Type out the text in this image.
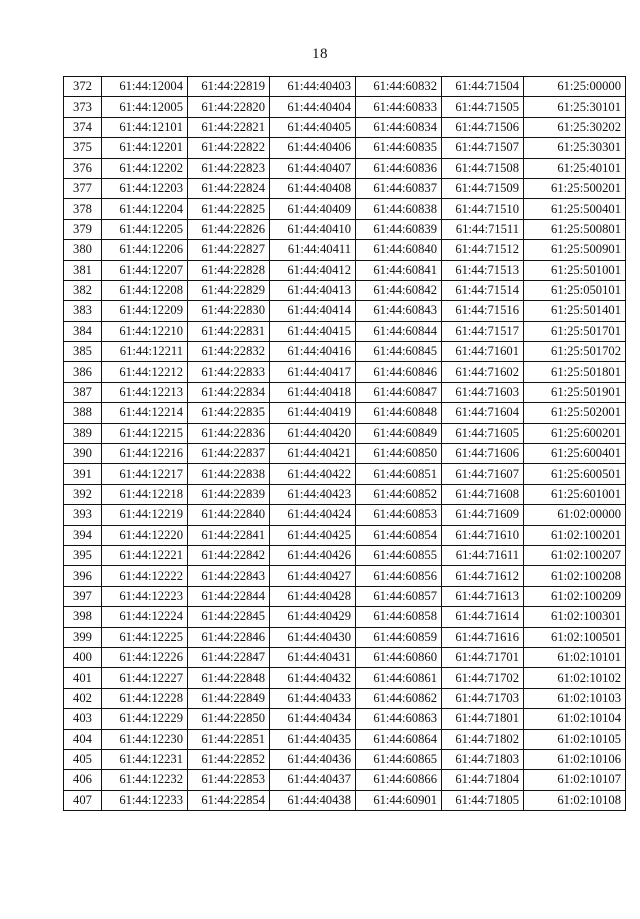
18
372	61:44:12004	61:44:22819	61:44:40403	61:44:60832	61:44:71504	61:25:00000
373	61:44:12005	61:44:22820	61:44:40404	61:44:60833	61:44:71505	61:25:30101
374	61:44:12101	61:44:22821	61:44:40405	61:44:60834	61:44:71506	61:25:30202
375	61:44:12201	61:44:22822	61:44:40406	61:44:60835	61:44:71507	61:25:30301
376	61:44:12202	61:44:22823	61:44:40407	61:44:60836	61:44:71508	61:25:40101
377	61:44:12203	61:44:22824	61:44:40408	61:44:60837	61:44:71509	61:25:500201
378	61:44:12204	61:44:22825	61:44:40409	61:44:60838	61:44:71510	61:25:500401
379	61:44:12205	61:44:22826	61:44:40410	61:44:60839	61:44:71511	61:25:500801
380	61:44:12206	61:44:22827	61:44:40411	61:44:60840	61:44:71512	61:25:500901
381	61:44:12207	61:44:22828	61:44:40412	61:44:60841	61:44:71513	61:25:501001
382	61:44:12208	61:44:22829	61:44:40413	61:44:60842	61:44:71514	61:25:050101
383	61:44:12209	61:44:22830	61:44:40414	61:44:60843	61:44:71516	61:25:501401
384	61:44:12210	61:44:22831	61:44:40415	61:44:60844	61:44:71517	61:25:501701
385	61:44:12211	61:44:22832	61:44:40416	61:44:60845	61:44:71601	61:25:501702
386	61:44:12212	61:44:22833	61:44:40417	61:44:60846	61:44:71602	61:25:501801
387	61:44:12213	61:44:22834	61:44:40418	61:44:60847	61:44:71603	61:25:501901
388	61:44:12214	61:44:22835	61:44:40419	61:44:60848	61:44:71604	61:25:502001
389	61:44:12215	61:44:22836	61:44:40420	61:44:60849	61:44:71605	61:25:600201
390	61:44:12216	61:44:22837	61:44:40421	61:44:60850	61:44:71606	61:25:600401
391	61:44:12217	61:44:22838	61:44:40422	61:44:60851	61:44:71607	61:25:600501
392	61:44:12218	61:44:22839	61:44:40423	61:44:60852	61:44:71608	61:25:601001
393	61:44:12219	61:44:22840	61:44:40424	61:44:60853	61:44:71609	61:02:00000
394	61:44:12220	61:44:22841	61:44:40425	61:44:60854	61:44:71610	61:02:100201
395	61:44:12221	61:44:22842	61:44:40426	61:44:60855	61:44:71611	61:02:100207
396	61:44:12222	61:44:22843	61:44:40427	61:44:60856	61:44:71612	61:02:100208
397	61:44:12223	61:44:22844	61:44:40428	61:44:60857	61:44:71613	61:02:100209
398	61:44:12224	61:44:22845	61:44:40429	61:44:60858	61:44:71614	61:02:100301
399	61:44:12225	61:44:22846	61:44:40430	61:44:60859	61:44:71616	61:02:100501
400	61:44:12226	61:44:22847	61:44:40431	61:44:60860	61:44:71701	61:02:10101
401	61:44:12227	61:44:22848	61:44:40432	61:44:60861	61:44:71702	61:02:10102
402	61:44:12228	61:44:22849	61:44:40433	61:44:60862	61:44:71703	61:02:10103
403	61:44:12229	61:44:22850	61:44:40434	61:44:60863	61:44:71801	61:02:10104
404	61:44:12230	61:44:22851	61:44:40435	61:44:60864	61:44:71802	61:02:10105
405	61:44:12231	61:44:22852	61:44:40436	61:44:60865	61:44:71803	61:02:10106
406	61:44:12232	61:44:22853	61:44:40437	61:44:60866	61:44:71804	61:02:10107
407	61:44:12233	61:44:22854	61:44:40438	61:44:60901	61:44:71805	61:02:10108
